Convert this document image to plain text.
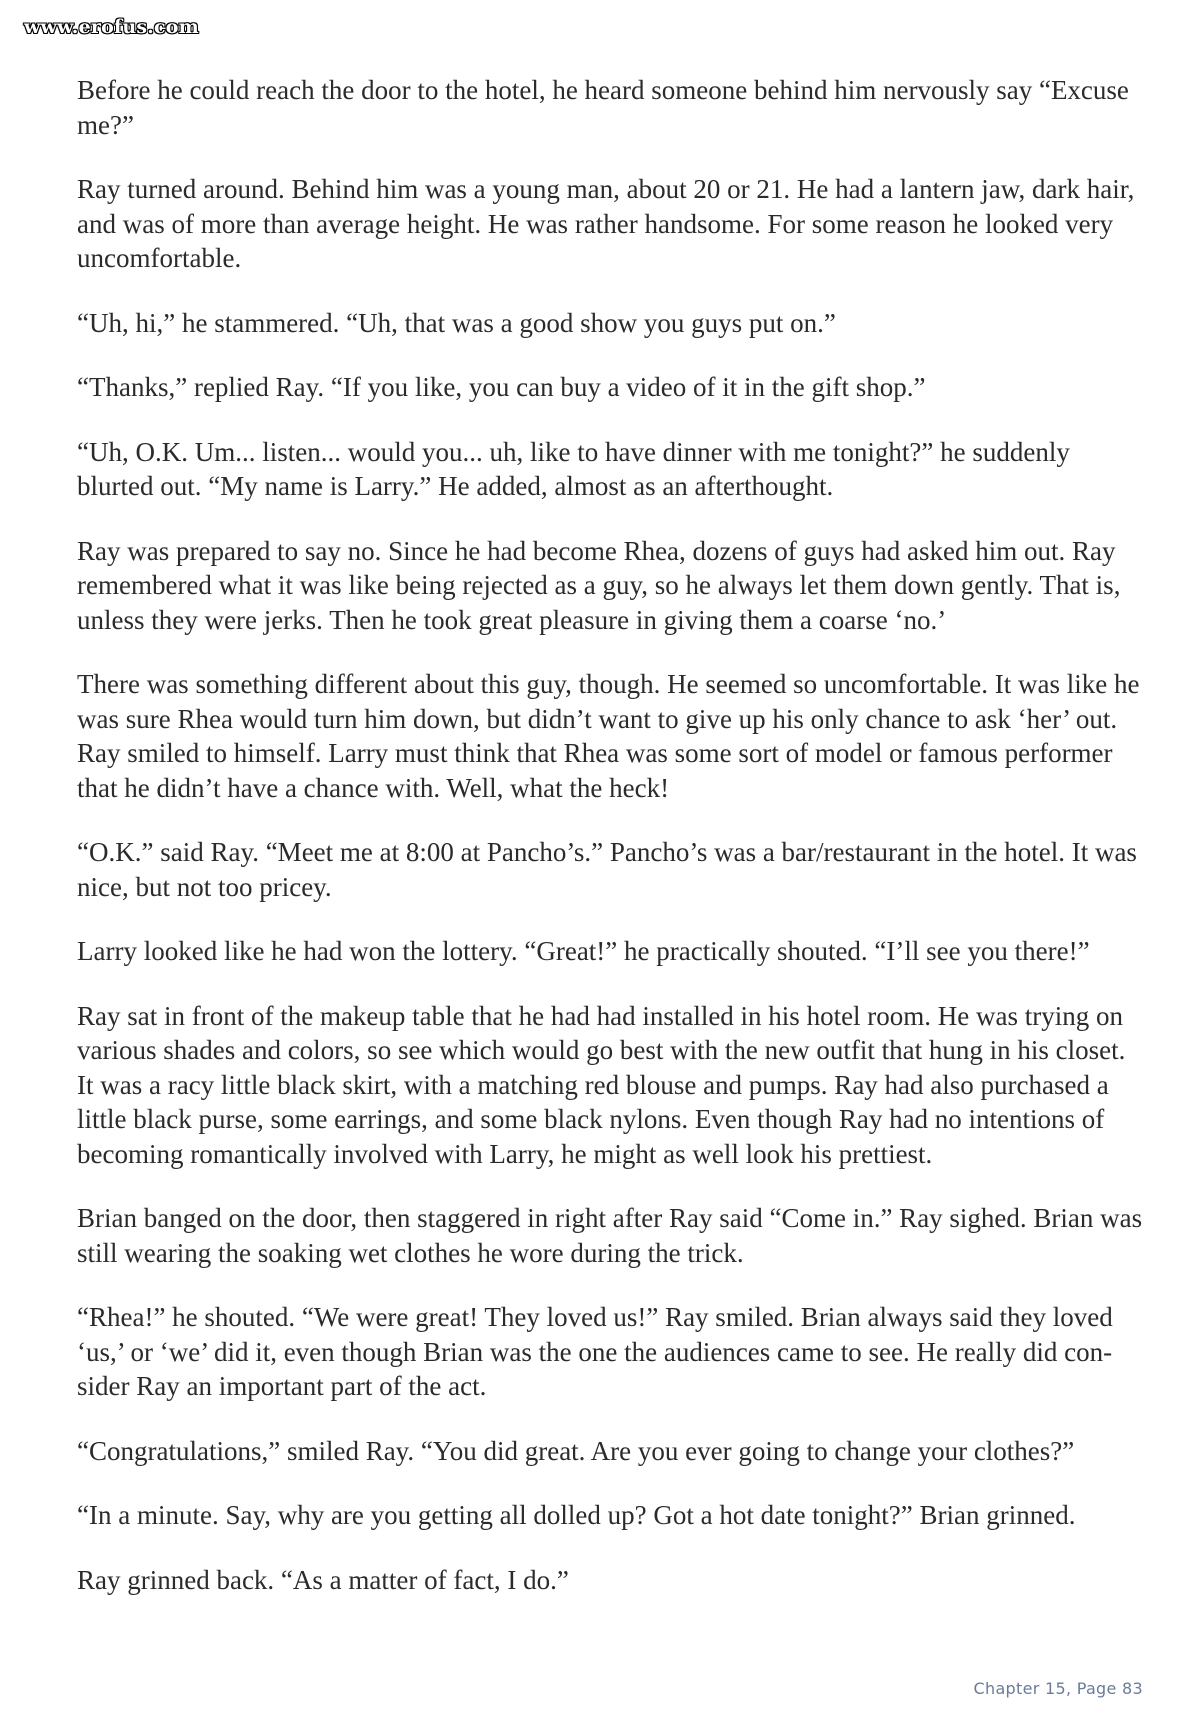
www.erofus.com

Before he could reach the door to the hotel, he heard someone behind him nervously say “Excuse me?”

Ray turned around. Behind him was a young man, about 20 or 21. He had a lantern jaw, dark hair, and was of more than average height. He was rather handsome. For some reason he looked very uncomfortable.

“Uh, hi,” he stammered. “Uh, that was a good show you guys put on.”

“Thanks,” replied Ray. “If you like, you can buy a video of it in the gift shop.”

“Uh, O.K. Um... listen... would you... uh, like to have dinner with me tonight?” he suddenly blurted out. “My name is Larry.” He added, almost as an afterthought.

Ray was prepared to say no. Since he had become Rhea, dozens of guys had asked him out. Ray remembered what it was like being rejected as a guy, so he always let them down gently. That is, unless they were jerks. Then he took great pleasure in giving them a coarse ‘no.’

There was something different about this guy, though. He seemed so uncomfortable. It was like he was sure Rhea would turn him down, but didn’t want to give up his only chance to ask ‘her’ out. Ray smiled to himself. Larry must think that Rhea was some sort of model or famous performer that he didn’t have a chance with. Well, what the heck!

“O.K.” said Ray. “Meet me at 8:00 at Pancho’s.” Pancho’s was a bar/restaurant in the hotel. It was nice, but not too pricey.

Larry looked like he had won the lottery. “Great!” he practically shouted. “I’ll see you there!”

Ray sat in front of the makeup table that he had had installed in his hotel room. He was trying on various shades and colors, so see which would go best with the new outfit that hung in his closet. It was a racy little black skirt, with a matching red blouse and pumps. Ray had also purchased a little black purse, some earrings, and some black nylons. Even though Ray had no intentions of becoming romantically involved with Larry, he might as well look his prettiest.

Brian banged on the door, then staggered in right after Ray said “Come in.” Ray sighed. Brian was still wearing the soaking wet clothes he wore during the trick.

“Rhea!” he shouted. “We were great! They loved us!” Ray smiled. Brian always said they loved ‘us,’ or ‘we’ did it, even though Brian was the one the audiences came to see. He really did consider Ray an important part of the act.

“Congratulations,” smiled Ray. “You did great. Are you ever going to change your clothes?”

“In a minute. Say, why are you getting all dolled up? Got a hot date tonight?” Brian grinned.

Ray grinned back. “As a matter of fact, I do.”

Chapter 15, Page 83
